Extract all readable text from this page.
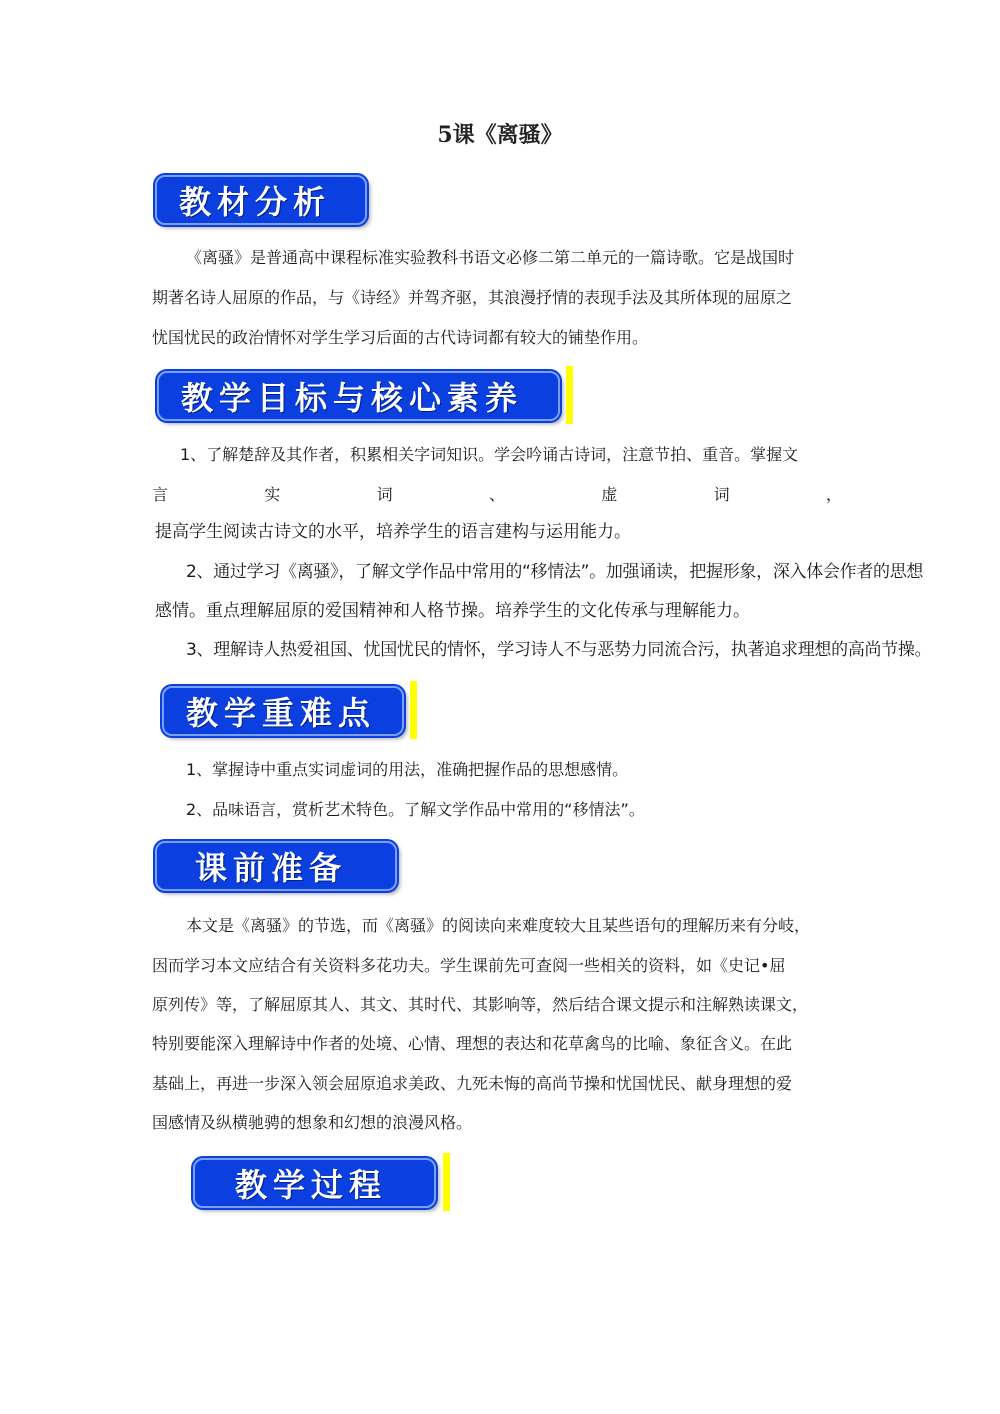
5课《离骚》
教材分析

《离骚》是普通高中课程标准实验教科书语文必修二第二单元的一篇诗歌。它是战国时

期著名诗人屈原的作品，与《诗经》并驾齐驱，其浪漫抒情的表现手法及其所体现的屈原之

忧国忧民的政治情怀对学生学习后面的古代诗词都有较大的铺垫作用。

教学目标与核心素养

1、了解楚辞及其作者，积累相关字词知识。学会吟诵古诗词，注意节拍、重音。掌握文

言	实	词	、	虚	词	，

提高学生阅读古诗文的水平，培养学生的语言建构与运用能力。

2、通过学习《离骚》，了解文学作品中常用的“移情法”。加强诵读，把握形象，深入体会作者的思想

感情。重点理解屈原的爱国精神和人格节操。培养学生的文化传承与理解能力。

3、理解诗人热爱祖国、忧国忧民的情怀，学习诗人不与恶势力同流合污，执著追求理想的高尚节操。

教学重难点

1、掌握诗中重点实词虚词的用法，准确把握作品的思想感情。

2、品味语言，赏析艺术特色。了解文学作品中常用的“移情法”。

课前准备

本文是《离骚》的节选，而《离骚》的阅读向来难度较大且某些语句的理解历来有分岐，

因而学习本文应结合有关资料多花功夫。学生课前先可查阅一些相关的资料，如《史记•屈

原列传》等，了解屈原其人、其文、其时代、其影响等，然后结合课文提示和注解熟读课文，

特别要能深入理解诗中作者的处境、心情、理想的表达和花草禽鸟的比喻、象征含义。在此

基础上，再进一步深入领会屈原追求美政、九死未悔的高尚节操和忧国忧民、献身理想的爱

国感情及纵横驰骋的想象和幻想的浪漫风格。

教学过程
